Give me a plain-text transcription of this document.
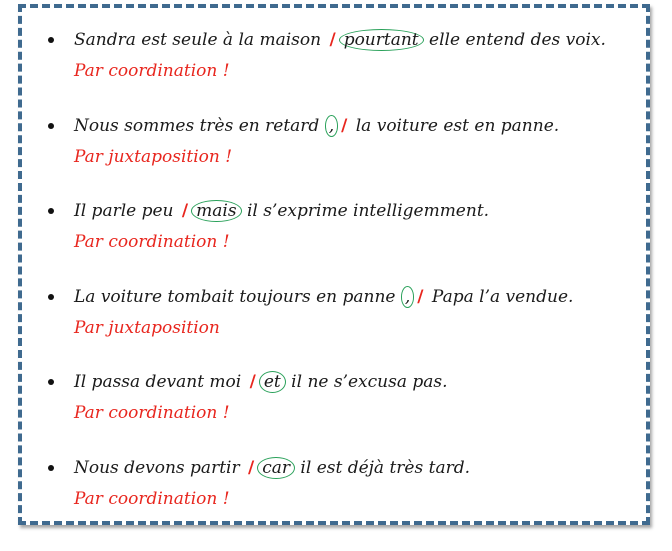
Sandra est seule à la maison / pourtant elle entend des voix.
Par coordination !
Nous sommes très en retard , / la voiture est en panne.
Par juxtaposition !
Il parle peu / mais il s’exprime intelligemment.
Par coordination !
La voiture tombait toujours en panne , / Papa l’a vendue.
Par juxtaposition
Il passa devant moi / et il ne s’excusa pas.
Par coordination !
Nous devons partir / car il est déjà très tard.
Par coordination !
